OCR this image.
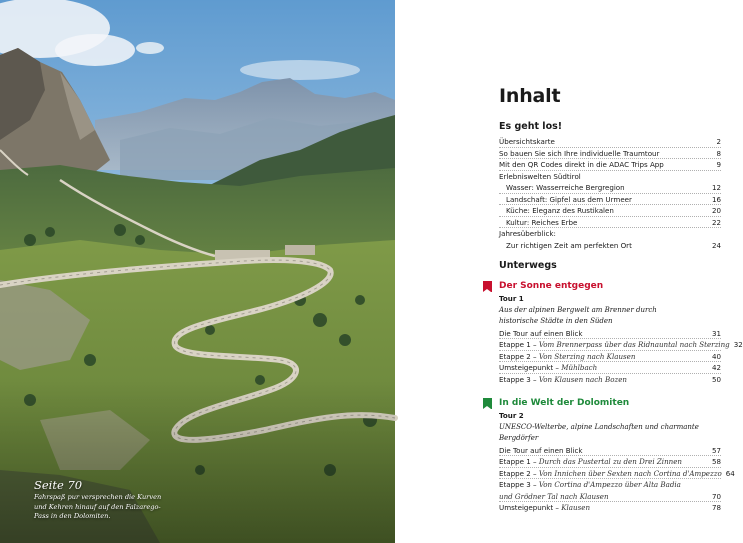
Seite 70
Fahrspaß pur versprechen die Kurven
und Kehren hinauf auf den Falzarego-
Pass in den Dolomiten.
Inhalt
Es geht los!
Übersichtskarte	2
So bauen Sie sich Ihre individuelle Traumtour	8
Mit den QR Codes direkt in die ADAC Trips App	9
Erlebniswelten Südtirol
Wasser: Wasserreiche Bergregion	12
Landschaft: Gipfel aus dem Urmeer	16
Küche: Eleganz des Rustikalen	20
Kultur: Reiches Erbe	22
Jahresüberblick:
Zur richtigen Zeit am perfekten Ort	24
Unterwegs
Der Sonne entgegen
Tour 1
Aus der alpinen Bergwelt am Brenner durch
historische Städte in den Süden
Die Tour auf einen Blick	31
Etappe 1 – Vom Brennerpass über das Ridnauntal nach Sterzing 32
Etappe 2 – Von Sterzing nach Klausen	40
Umsteigepunkt – Mühlbach	42
Etappe 3 – Von Klausen nach Bozen	50
In die Welt der Dolomiten
Tour 2
UNESCO-Welterbe, alpine Landschaften und charmante Bergdörfer
Die Tour auf einen Blick	57
Etappe 1 – Durch das Pustertal zu den Drei Zinnen	58
Etappe 2 – Von Innichen über Sexten nach Cortina d'Ampezzo 64
Etappe 3 – Von Cortina d'Ampezzo über Alta Badia
und Grödner Tal nach Klausen	70
Umsteigepunkt – Klausen	78
